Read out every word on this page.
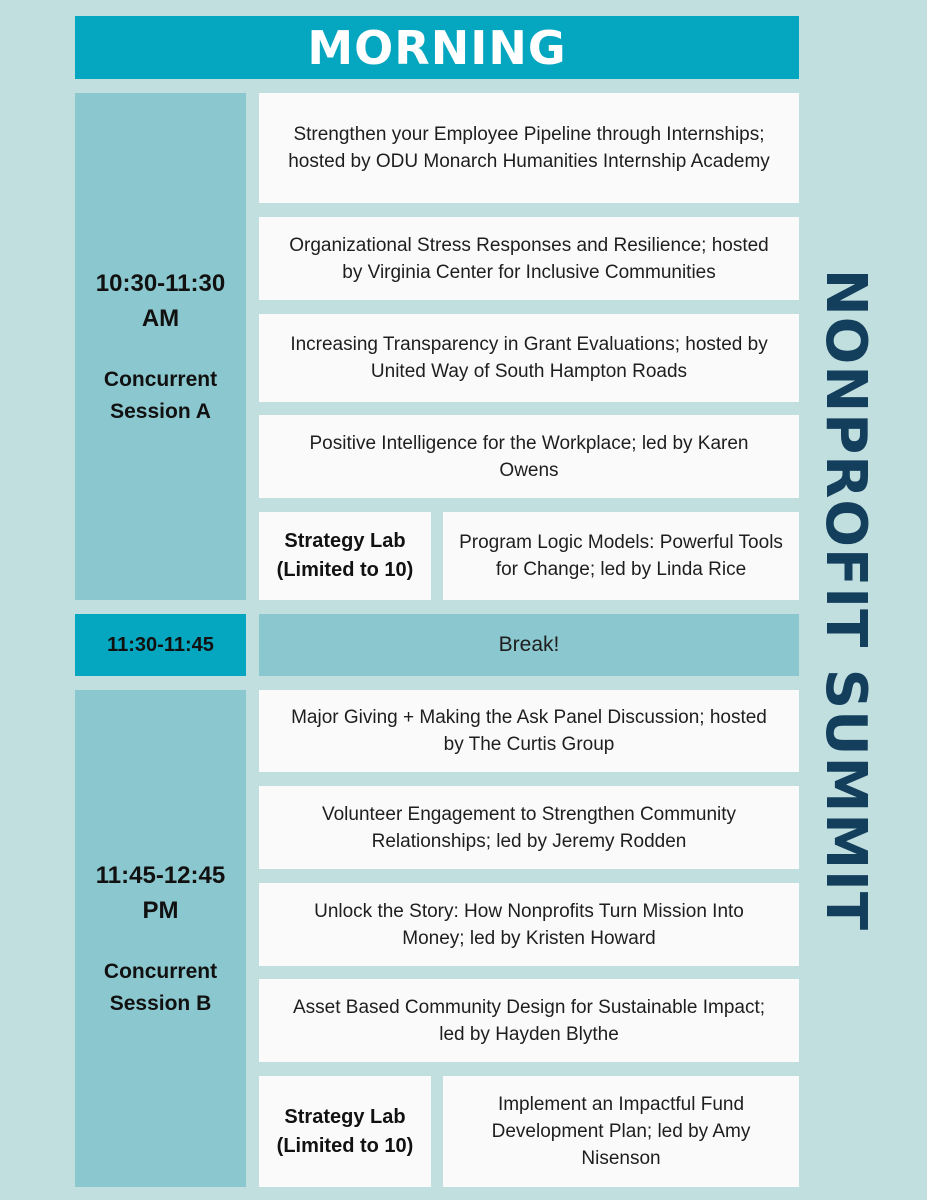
MORNING
10:30-11:30
AM
Concurrent
Session A
Strengthen your Employee Pipeline through Internships; hosted by ODU Monarch Humanities Internship Academy
Organizational Stress Responses and Resilience; hosted by Virginia Center for Inclusive Communities
Increasing Transparency in Grant Evaluations; hosted by United Way of South Hampton Roads
Positive Intelligence for the Workplace; led by Karen Owens
Strategy Lab
(Limited to 10)
Program Logic Models: Powerful Tools for Change; led by Linda Rice
11:30-11:45	Break!
11:45-12:45
PM
Concurrent
Session B
Major Giving + Making the Ask Panel Discussion; hosted by The Curtis Group
Volunteer Engagement to Strengthen Community Relationships; led by Jeremy Rodden
Unlock the Story: How Nonprofits Turn Mission Into Money; led by Kristen Howard
Asset Based Community Design for Sustainable Impact; led by Hayden Blythe
Strategy Lab
(Limited to 10)
Implement an Impactful Fund Development Plan; led by Amy Nisenson
NONPROFIT SUMMIT
